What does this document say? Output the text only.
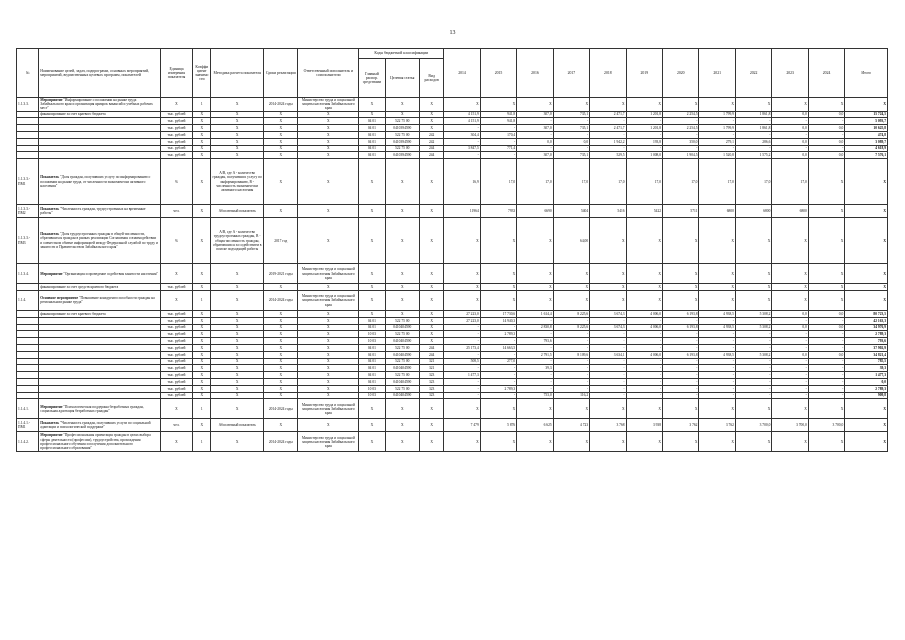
13
№	Наименование целей, задач, подпрограмм, основных мероприятий, мероприятий, ведомственных целевых программ, показателей	Единица измерения показателя	Коэффи циент значимо сти	Методика расчета показателя	Сроки реализации	Ответственный исполнитель и соисполнители	Коды бюджетной классификации			2014	2015	2016	2017	2018	2019	2020	2021	2022	2023	2024	Итого
							Главный распор. средствами	Целевая статья	Вид расходов												
1.1.3.3.	Мероприятие "Информирование о положении на рынке труда Забайкальского края и организация ярмарок вакансий и учебных рабочих мест"	X	1	X	2014-2024 годы	Министерство труда и социальной защиты населения Забайкальского края	X	X	X	X	X	X	X	X	X	X	X	X	X	X	X
	финансирование за счет краевого бюджета	тыс. рублей	X	X	X	X	X	X	X	4 151,9	941,8	307,0	735,1	2 471,7	1 201,8	2 254,5	1 799,9	1 861,8	0,0	0,0	15 724,5
		тыс. рублей	X	X	X	X	04 01	522 75 00	X	4 151,9	941,8	-	-	-	-	-	-	-	-	-	5 093,7
		тыс. рублей	X	X	X	X	04 01	0410394590	X	-	-	307,0	735,1	2 471,7	1 201,8	2 254,5	1 799,9	1 861,8	0,0	0,0	10 625,8
		тыс. рублей	X	X	X	X	04 01	522 75 00	242	304,4	170,4	-	-	-	-	-	-	-	-	-	474,8
		тыс. рублей	X	X	X	X	04 01	0410394590	242	-	-	0,0	0,0	1 942,2	193,8	350,0	279,1	286,6	0,0	0,0	3 089,7
		тыс. рублей	X	X	X	X	04 01	522 75 00	244	3 847,5	771,4	-	-	-	-	-	-	-	-	-	4 618,9
		тыс. рублей	X	X	X	X	04 01	0410394590	244	-	-	307,0	735,1	529,5	1 008,0	1 904,5	1 520,8	1 575,2	0,0	0,0	7 576,1
1.1.3.3.-ПМ1	Показатель "Доля граждан, получивших услугу по информированию о положении на рынке труда, от численности экономически активного населения"	%	X	A/B, где A - количество граждан, получивших услугу по информированию, B - численность экономически активного населения	X	X	X	X	X	16,9	17,0	17,0	17,0	17,0	17,0	17,0	17,0	17,0	17,0	X	X
1.1.3.3.-ПМ2	Показатель "Численность граждан, трудоустроенных на временные работы"	чел.	X	Абсолютный показатель	X	X	X	X	X	11964	7933	6690	5404	5416	5422	5711	6800	6800	6800	X	X
1.1.3.3.-ПМ3	Показатель "Доля трудоустроенных граждан в общей численности, обратившихся граждан в рамках реализации Соглашения о взаимодействии и совместном обмене информацией между Федеральной службой по труду и занятости и Правительством Забайкальского края"	%	X	A/B, где A - количество трудоустроенных граждан, B - общая численность граждан, обратившихся за содействием в поиске подходящей работы	2017 год	X	X	X	X	X	X	X	64,00	X	X	X	X	X	X	X	X
1.1.3.4.	Мероприятие "Организация и проведение содействия занятости населения"	X	X	X	2019-2021 годы	Министерство труда и социальной защиты населения Забайкальского края	X	X	X	X	X	X	X	X	X	X	X	X	X	X	X
	финансирование за счет средств краевого бюджета	тыс. рублей	X	X	X	X	X	X	X	X	X	X	X	X	X	X	X	X	X	X	X
1.1.4.	Основное мероприятие "Повышение конкурентоспособности граждан на региональном рынке труда"	X	1	X	2014-2024 годы	Министерство труда и социальной защиты населения Забайкальского края	X	X	X	X	X	X	X	X	X	X	X	X	X	X	X
	финансирование за счет краевого бюджета	тыс. рублей	X	X	X	X	X	X	X	27 223,0	17 730,6	1 614,4	8 225,6	3 674,3	4 006,0	6 193,8	4 938,5	5 308,2	0,0	0,0	80 723,5
		тыс. рублей	X	X	X	X	04 01	522 75 00	X	27 223,0	14 940,3	-	-	-	-	-	-	-	-	-	42 163,3
		тыс. рублей	X	X	X	X	04 01	0410404590	X	-	-	2 830,8	8 225,6	3 674,3	4 006,0	6 193,8	4 938,5	5 308,2	0,0	0,0	34 976,9
		тыс. рублей	X	X	X	X	10 03	522 75 00	X	-	2 789,3	-	-	-	-	-	-	-	-	-	2 789,3
		тыс. рублей	X	X	X	X	10 03	0410404590	X	-	-	793,6	-	-	-	-	-	-	-	-	793,6
		тыс. рублей	X	X	X	X	04 01	522 75 00	244	25 173,4	14 663,5	-	-	-	-	-	-	-	-	-	37 902,9
		тыс. рублей	X	X	X	X	04 01	0410404590	244	-	-	2 791,5	8 109,6	3 634,1	4 006,0	6 193,8	4 938,5	5 308,2	0,0	0,0	34 821,4
		тыс. рублей	X	X	X	X	04 01	522 75 00	321	508,5	277,0	-	-	-	-	-	-	-	-	-	785,5
		тыс. рублей	X	X	X	X	04 01	0410404590	321	-	-	39,3	-	-	-	-	-	-	-	-	39,3
		тыс. рублей	X	X	X	X	04 01	522 75 00	323	1 477,3	-	-	-	-	-	-	-	-	-	-	1 477,3
		тыс. рублей	X	X	X	X	04 01	0410404590	323	-	-	-	-	-	-	-	-	-	-	-	0,0
		тыс. рублей	X	X	X	X	10 03	522 75 00	323	-	2 789,3	-	-	-	-	-	-	-	-	-	2 789,3
		тыс. рублей	X	X	X	X	10 03	0410404590	323	-	-	753,0	116,2	-	-	-	-	-	-	-	909,8
1.1.4.1.	Мероприятие "Психологическая поддержка безработных граждан, социальная адаптация безработных граждан"	X	1	X	2014-2024 годы	Министерство труда и социальной защиты населения Забайкальского края	X	X	X	X	X	X	X	X	X	X	X	X	X	X	X
1.1.4.1.-ПМ1	Показатель "Численность граждан, получивших услуги по социальной адаптации и психологической поддержке"	чел.	X	Абсолютный показатель	X	X	X	X	X	7 479	5 876	6 625	4 723	3 768	3 938	3 762	3 762	3 700,0	3 700,0	3 700,0	X
1.1.4.2.	Мероприятие "Профессиональная ориентация граждан в целях выбора сферы деятельности (профессии), трудоустройства, прохождения профессионального обучения и получения дополнительного профессионального образования"	X	1	X	2014-2024 годы	Министерство труда и социальной защиты населения Забайкальского края	X	X	X	X	X	X	X	X	X	X	X	X	X	X	X
